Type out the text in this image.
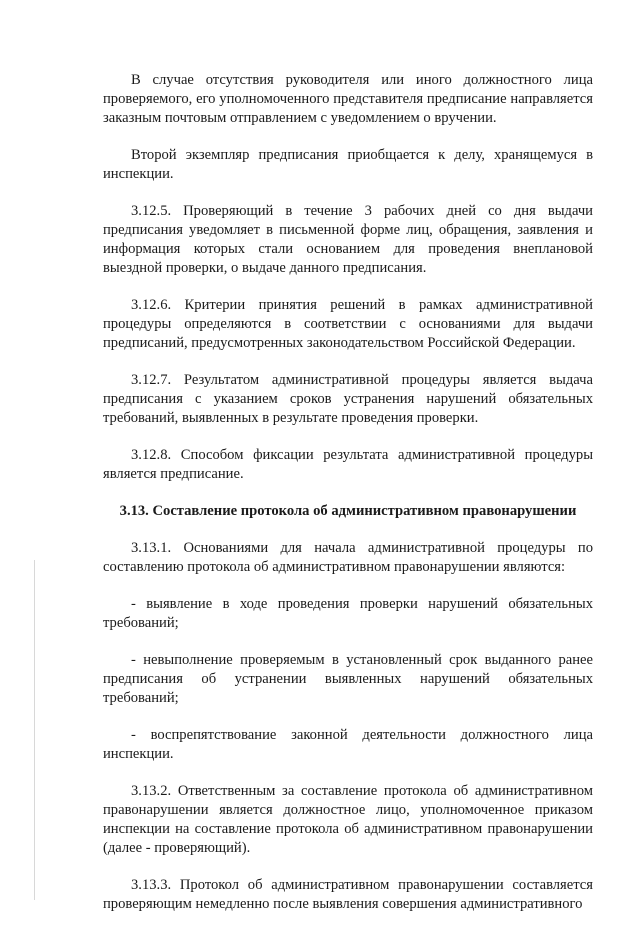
В случае отсутствия руководителя или иного должностного лица проверяемого, его уполномоченного представителя предписание направляется заказным почтовым отправлением с уведомлением о вручении.

Второй экземпляр предписания приобщается к делу, хранящемуся в инспекции.

3.12.5. Проверяющий в течение 3 рабочих дней со дня выдачи предписания уведомляет в письменной форме лиц, обращения, заявления и информация которых стали основанием для проведения внеплановой выездной проверки, о выдаче данного предписания.

3.12.6. Критерии принятия решений в рамках административной процедуры определяются в соответствии с основаниями для выдачи предписаний, предусмотренных законодательством Российской Федерации.

3.12.7. Результатом административной процедуры является выдача предписания с указанием сроков устранения нарушений обязательных требований, выявленных в результате проведения проверки.

3.12.8. Способом фиксации результата административной процедуры является предписание.

3.13. Составление протокола об административном правонарушении

3.13.1. Основаниями для начала административной процедуры по составлению протокола об административном правонарушении являются:

- выявление в ходе проведения проверки нарушений обязательных требований;

- невыполнение проверяемым в установленный срок выданного ранее предписания об устранении выявленных нарушений обязательных требований;

- воспрепятствование законной деятельности должностного лица инспекции.

3.13.2. Ответственным за составление протокола об административном правонарушении является должностное лицо, уполномоченное приказом инспекции на составление протокола об административном правонарушении (далее - проверяющий).

3.13.3. Протокол об административном правонарушении составляется проверяющим немедленно после выявления совершения административного
